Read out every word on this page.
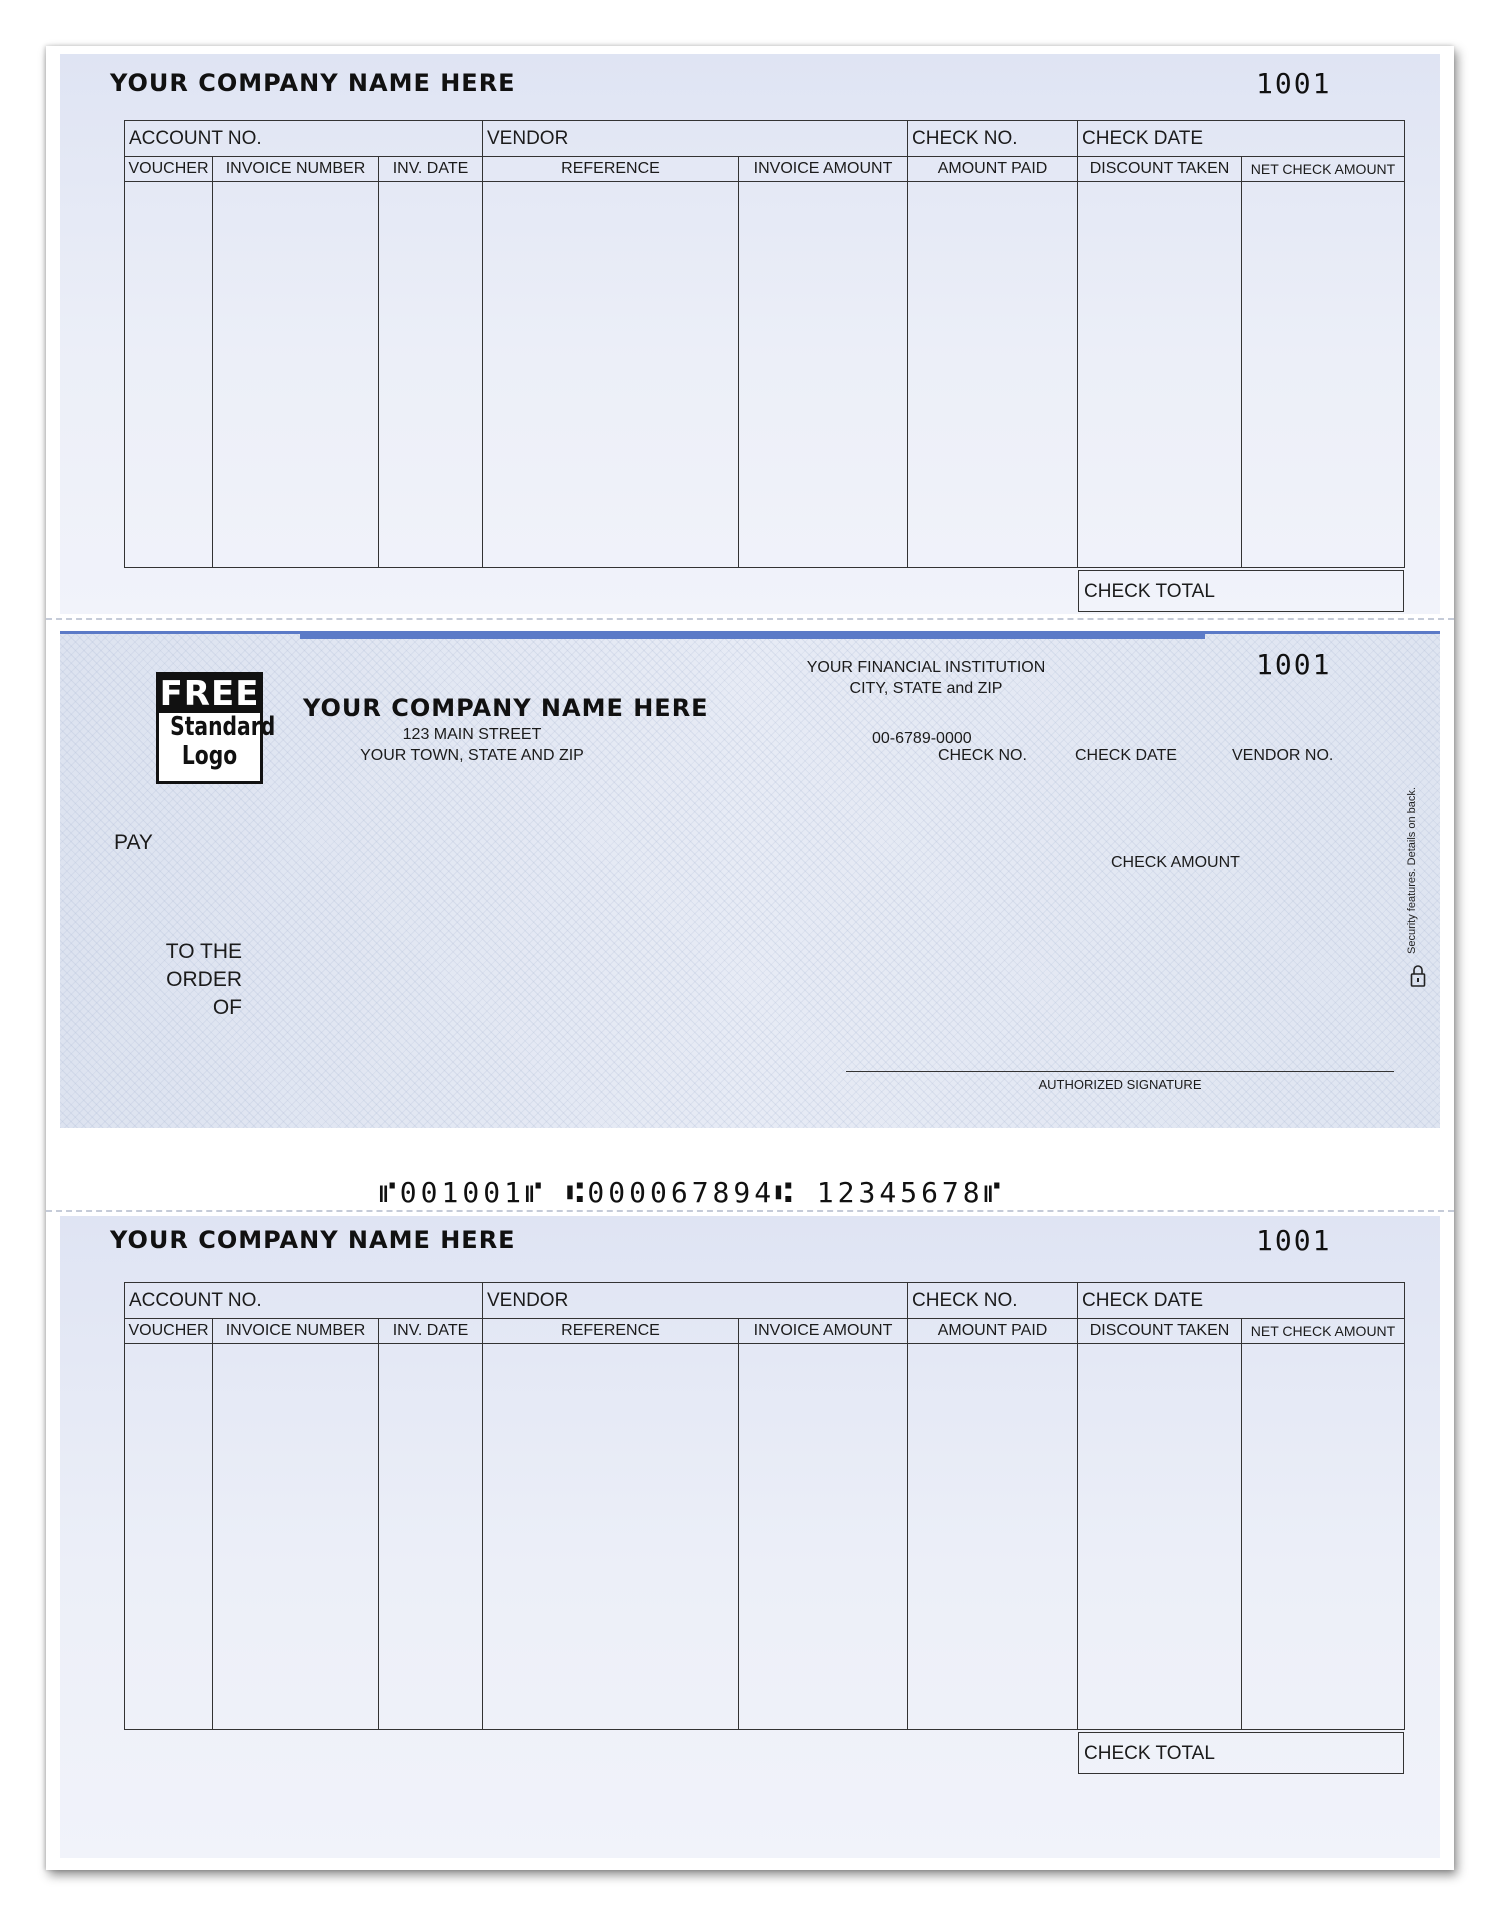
YOUR COMPANY NAME HERE	1001
ACCOUNT NO.			VENDOR		CHECK NO.	CHECK DATE	
VOUCHER	INVOICE NUMBER	INV. DATE	REFERENCE	INVOICE AMOUNT	AMOUNT PAID	DISCOUNT TAKEN	NET CHECK AMOUNT

CHECK TOTAL
FREE
Standard
Logo
YOUR COMPANY NAME HERE
123 MAIN STREET
YOUR TOWN, STATE AND ZIP
YOUR FINANCIAL INSTITUTION
CITY, STATE and ZIP
00-6789-0000
1001
CHECK NO.	CHECK DATE	VENDOR NO.
PAY
CHECK AMOUNT
TO THE
ORDER
OF
AUTHORIZED SIGNATURE
Security features. Details on back.
⑈001001⑈ ⑆000067894⑆ 12345678⑈
YOUR COMPANY NAME HERE	1001
ACCOUNT NO.			VENDOR		CHECK NO.	CHECK DATE	
VOUCHER	INVOICE NUMBER	INV. DATE	REFERENCE	INVOICE AMOUNT	AMOUNT PAID	DISCOUNT TAKEN	NET CHECK AMOUNT

CHECK TOTAL
